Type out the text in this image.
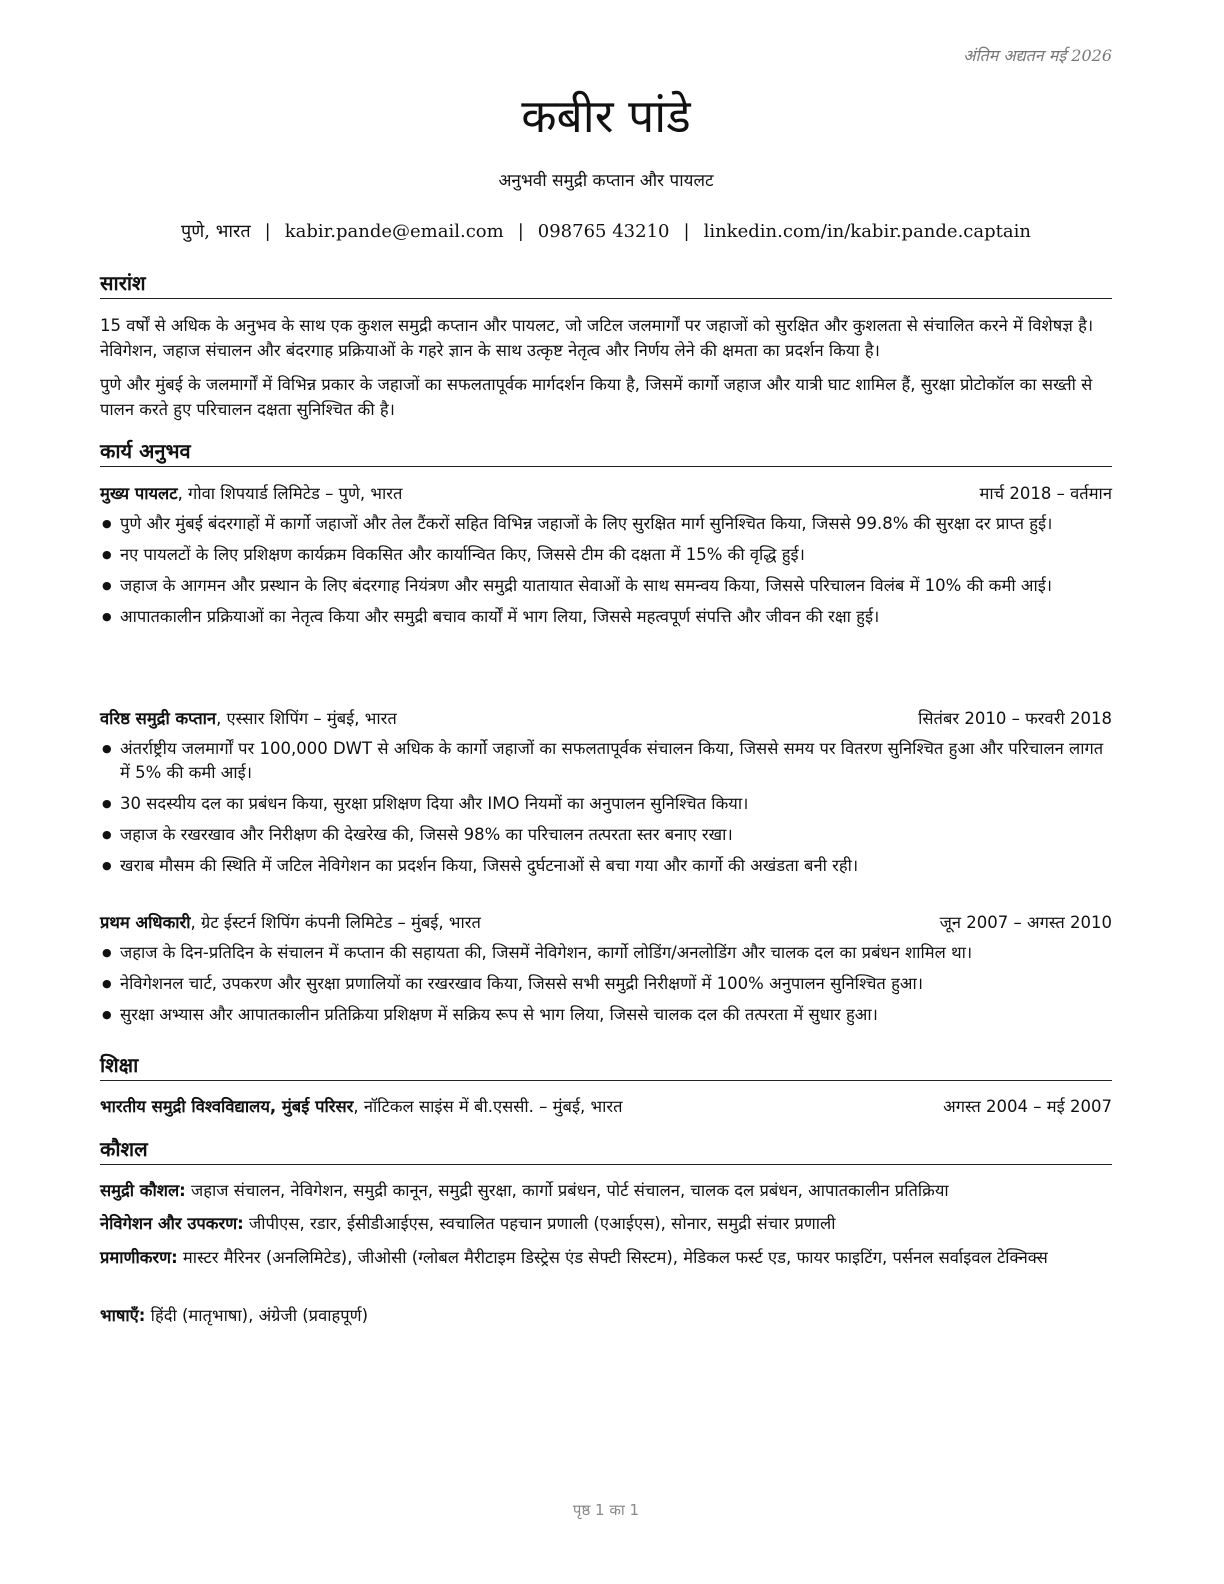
अंतिम अद्यतन मई 2026
कबीर पांडे
अनुभवी समुद्री कप्तान और पायलट
पुणे, भारत | kabir.pande@email.com | 098765 43210 | linkedin.com/in/kabir.pande.captain
सारांश
15 वर्षों से अधिक के अनुभव के साथ एक कुशल समुद्री कप्तान और पायलट, जो जटिल जलमार्गों पर जहाजों को सुरक्षित और कुशलता से संचालित करने में विशेषज्ञ है। नेविगेशन, जहाज संचालन और बंदरगाह प्रक्रियाओं के गहरे ज्ञान के साथ उत्कृष्ट नेतृत्व और निर्णय लेने की क्षमता का प्रदर्शन किया है।
पुणे और मुंबई के जलमार्गों में विभिन्न प्रकार के जहाजों का सफलतापूर्वक मार्गदर्शन किया है, जिसमें कार्गो जहाज और यात्री घाट शामिल हैं, सुरक्षा प्रोटोकॉल का सख्ती से पालन करते हुए परिचालन दक्षता सुनिश्चित की है।
कार्य अनुभव
मुख्य पायलट, गोवा शिपयार्ड लिमिटेड – पुणे, भारत	मार्च 2018 – वर्तमान
● पुणे और मुंबई बंदरगाहों में कार्गो जहाजों और तेल टैंकरों सहित विभिन्न जहाजों के लिए सुरक्षित मार्ग सुनिश्चित किया, जिससे 99.8% की सुरक्षा दर प्राप्त हुई।
● नए पायलटों के लिए प्रशिक्षण कार्यक्रम विकसित और कार्यान्वित किए, जिससे टीम की दक्षता में 15% की वृद्धि हुई।
● जहाज के आगमन और प्रस्थान के लिए बंदरगाह नियंत्रण और समुद्री यातायात सेवाओं के साथ समन्वय किया, जिससे परिचालन विलंब में 10% की कमी आई।
● आपातकालीन प्रक्रियाओं का नेतृत्व किया और समुद्री बचाव कार्यों में भाग लिया, जिससे महत्वपूर्ण संपत्ति और जीवन की रक्षा हुई।
वरिष्ठ समुद्री कप्तान, एस्सार शिपिंग – मुंबई, भारत	सितंबर 2010 – फरवरी 2018
● अंतर्राष्ट्रीय जलमार्गों पर 100,000 DWT से अधिक के कार्गो जहाजों का सफलतापूर्वक संचालन किया, जिससे समय पर वितरण सुनिश्चित हुआ और परिचालन लागत में 5% की कमी आई।
● 30 सदस्यीय दल का प्रबंधन किया, सुरक्षा प्रशिक्षण दिया और IMO नियमों का अनुपालन सुनिश्चित किया।
● जहाज के रखरखाव और निरीक्षण की देखरेख की, जिससे 98% का परिचालन तत्परता स्तर बनाए रखा।
● खराब मौसम की स्थिति में जटिल नेविगेशन का प्रदर्शन किया, जिससे दुर्घटनाओं से बचा गया और कार्गो की अखंडता बनी रही।
प्रथम अधिकारी, ग्रेट ईस्टर्न शिपिंग कंपनी लिमिटेड – मुंबई, भारत	जून 2007 – अगस्त 2010
● जहाज के दिन-प्रतिदिन के संचालन में कप्तान की सहायता की, जिसमें नेविगेशन, कार्गो लोडिंग/अनलोडिंग और चालक दल का प्रबंधन शामिल था।
● नेविगेशनल चार्ट, उपकरण और सुरक्षा प्रणालियों का रखरखाव किया, जिससे सभी समुद्री निरीक्षणों में 100% अनुपालन सुनिश्चित हुआ।
● सुरक्षा अभ्यास और आपातकालीन प्रतिक्रिया प्रशिक्षण में सक्रिय रूप से भाग लिया, जिससे चालक दल की तत्परता में सुधार हुआ।
शिक्षा
भारतीय समुद्री विश्वविद्यालय, मुंबई परिसर, नॉटिकल साइंस में बी.एससी. – मुंबई, भारत	अगस्त 2004 – मई 2007
कौशल
समुद्री कौशल: जहाज संचालन, नेविगेशन, समुद्री कानून, समुद्री सुरक्षा, कार्गो प्रबंधन, पोर्ट संचालन, चालक दल प्रबंधन, आपातकालीन प्रतिक्रिया
नेविगेशन और उपकरण: जीपीएस, रडार, ईसीडीआईएस, स्वचालित पहचान प्रणाली (एआईएस), सोनार, समुद्री संचार प्रणाली
प्रमाणीकरण: मास्टर मैरिनर (अनलिमिटेड), जीओसी (ग्लोबल मैरीटाइम डिस्ट्रेस एंड सेफ्टी सिस्टम), मेडिकल फर्स्ट एड, फायर फाइटिंग, पर्सनल सर्वाइवल टेक्निक्स
भाषाएँ: हिंदी (मातृभाषा), अंग्रेजी (प्रवाहपूर्ण)
पृष्ठ 1 का 1
